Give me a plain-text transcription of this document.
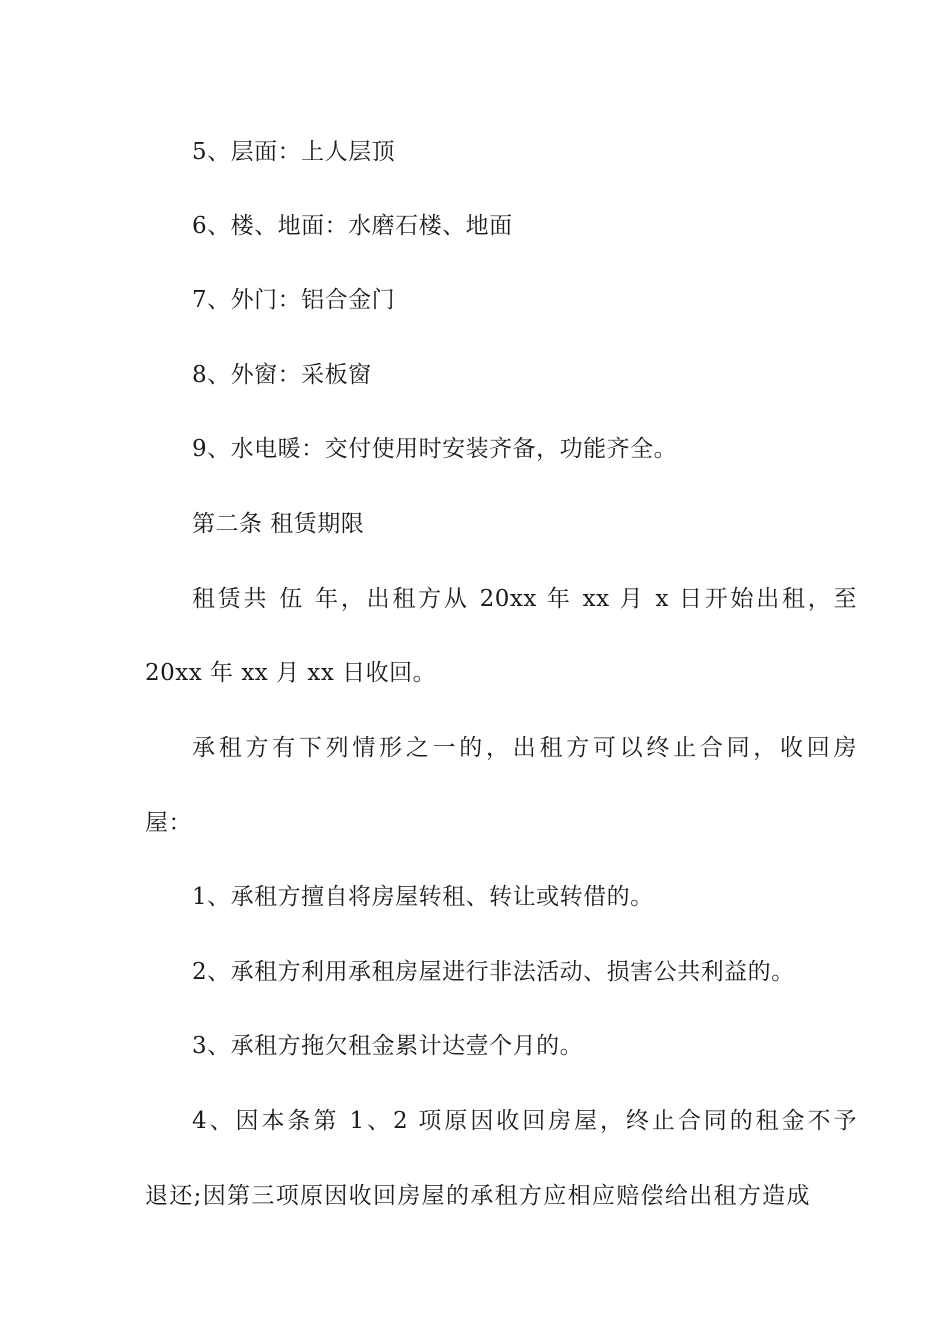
5、层面：上人层顶
6、楼、地面：水磨石楼、地面
7、外门：铝合金门
8、外窗：采板窗
9、水电暖：交付使用时安装齐备，功能齐全。
第二条 租赁期限
租赁共 伍 年，出租方从 20xx 年 xx 月 x 日开始出租，至
20xx 年 xx 月 xx 日收回。
承租方有下列情形之一的，出租方可以终止合同，收回房
屋：
1、承租方擅自将房屋转租、转让或转借的。
2、承租方利用承租房屋进行非法活动、损害公共利益的。
3、承租方拖欠租金累计达壹个月的。
4、因本条第 1、2 项原因收回房屋，终止合同的租金不予
退还;因第三项原因收回房屋的承租方应相应赔偿给出租方造成
